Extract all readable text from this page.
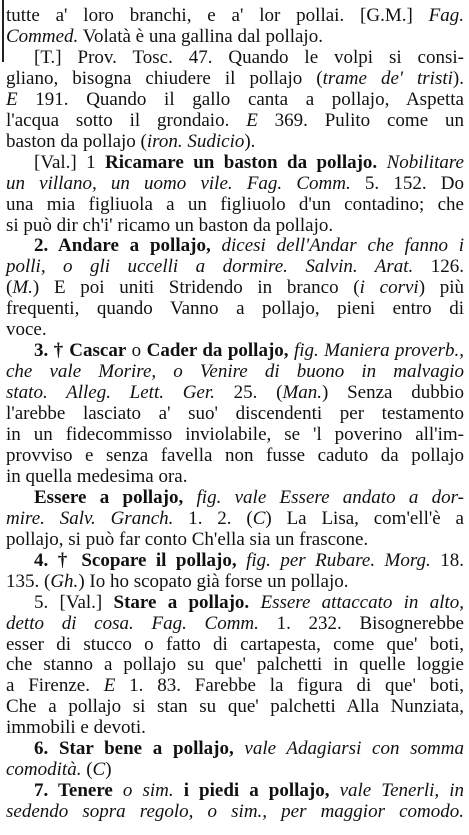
tutte a' loro branchi, e a' lor pollai. [G.M.] Fag.
Commed. Volatà è una gallina dal pollajo.
[T.] Prov. Tosc. 47. Quando le volpi si consi-
gliano, bisogna chiudere il pollajo (trame de' tristi).
E 191. Quando il gallo canta a pollajo, Aspetta
l'acqua sotto il grondaio. E 369. Pulito come un
baston da pollajo (iron. Sudicio).
[Val.] 1 Ricamare un baston da pollajo. Nobilitare
un villano, un uomo vile. Fag. Comm. 5. 152. Do
una mia figliuola a un figliuolo d'un contadino; che
si può dir ch'i' ricamo un baston da pollajo.
2. Andare a pollajo, dicesi dell'Andar che fanno i
polli, o gli uccelli a dormire. Salvin. Arat. 126.
(M.) E poi uniti Stridendo in branco (i corvi) più
frequenti, quando Vanno a pollajo, pieni entro di
voce.
3. † Cascar o Cader da pollajo, fig. Maniera proverb.,
che vale Morire, o Venire di buono in malvagio
stato. Alleg. Lett. Ger. 25. (Man.) Senza dubbio
l'arebbe lasciato a' suo' discendenti per testamento
in un fidecommisso inviolabile, se 'l poverino all'im-
provviso e senza favella non fusse caduto da pollajo
in quella medesima ora.
Essere a pollajo, fig. vale Essere andato a dor-
mire. Salv. Granch. 1. 2. (C) La Lisa, com'ell'è a
pollajo, si può far conto Ch'ella sia un frascone.
4. † Scopare il pollajo, fig. per Rubare. Morg. 18.
135. (Gh.) Io ho scopato già forse un pollajo.
5. [Val.] Stare a pollajo. Essere attaccato in alto,
detto di cosa. Fag. Comm. 1. 232. Bisognerebbe
esser di stucco o fatto di cartapesta, come que' boti,
che stanno a pollajo su que' palchetti in quelle loggie
a Firenze. E 1. 83. Farebbe la figura di que' boti,
Che a pollajo si stan su que' palchetti Alla Nunziata,
immobili e devoti.
6. Star bene a pollajo, vale Adagiarsi con somma
comodità. (C)
7. Tenere o sim. i piedi a pollajo, vale Tenerli, in
sedendo sopra regolo, o sim., per maggior comodo.
